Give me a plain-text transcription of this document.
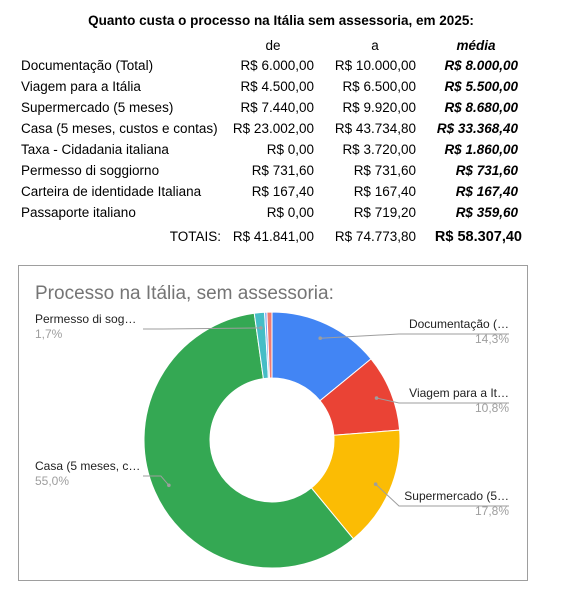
Quanto custa o processo na Itália sem assessoria, em 2025:
de	a	média
Documentação (Total)	R$ 6.000,00 R$ 10.000,00 R$ 8.000,00
Viagem para a Itália	R$ 4.500,00 R$ 6.500,00 R$ 5.500,00
Supermercado (5 meses)	R$ 7.440,00 R$ 9.920,00 R$ 8.680,00
Casa (5 meses, custos e contas) R$ 23.002,00 R$ 43.734,80 R$ 33.368,40
Taxa - Cidadania italiana	R$ 0,00 R$ 3.720,00 R$ 1.860,00
Permesso di soggiorno	R$ 731,60	R$ 731,60	R$ 731,60
Carteira de identidade Italiana	R$ 167,40	R$ 167,40	R$ 167,40
Passaporte italiano	R$ 0,00	R$ 719,20	R$ 359,60
TOTAIS: R$ 41.841,00 R$ 74.773,80 R$ 58.307,40
Processo na Itália, sem assessoria:
Documentação (…
14,3%
Viagem para a It…
10,8%
Supermercado (5…
17,8%
Casa (5 meses, c…
55,0%
Permesso di sog…
1,7%
